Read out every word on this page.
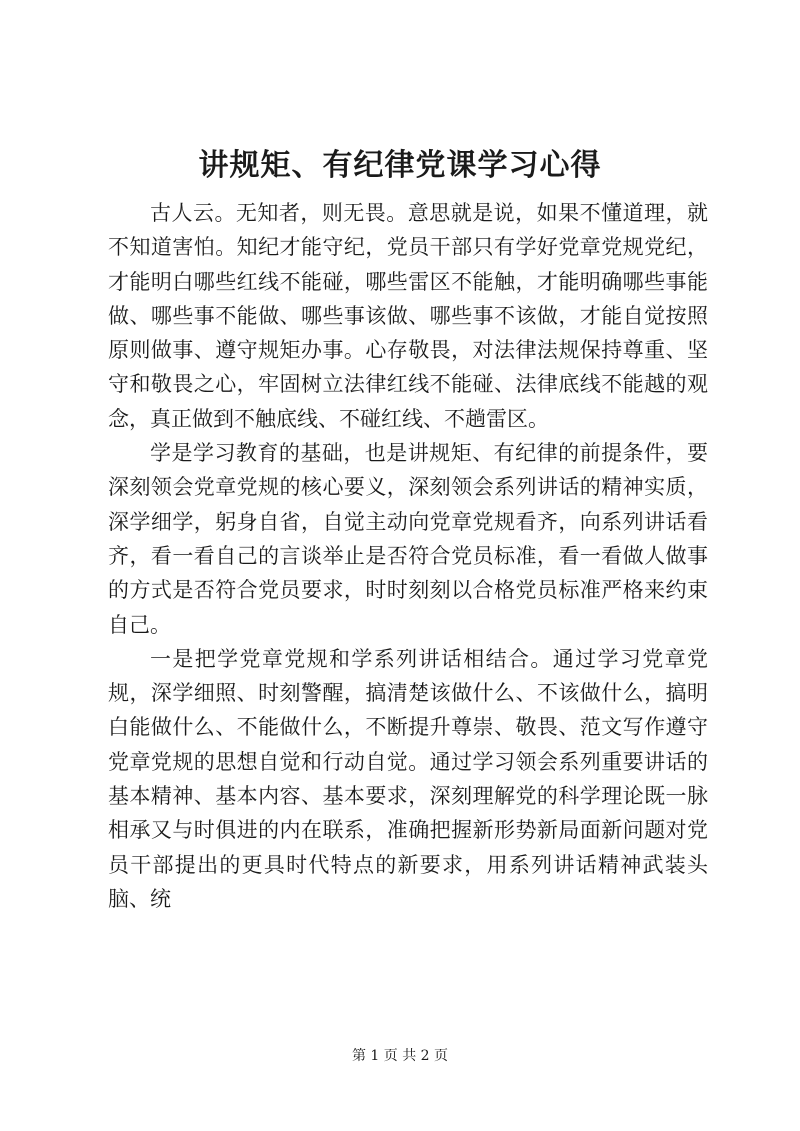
讲规矩、有纪律党课学习心得

古人云。无知者，则无畏。意思就是说，如果不懂道理，就不知道害怕。知纪才能守纪，党员干部只有学好党章党规党纪，才能明白哪些红线不能碰，哪些雷区不能触，才能明确哪些事能做、哪些事不能做、哪些事该做、哪些事不该做，才能自觉按照原则做事、遵守规矩办事。心存敬畏，对法律法规保持尊重、坚守和敬畏之心，牢固树立法律红线不能碰、法律底线不能越的观念，真正做到不触底线、不碰红线、不趟雷区。

学是学习教育的基础，也是讲规矩、有纪律的前提条件，要深刻领会党章党规的核心要义，深刻领会系列讲话的精神实质，深学细学，躬身自省，自觉主动向党章党规看齐，向系列讲话看齐，看一看自己的言谈举止是否符合党员标准，看一看做人做事的方式是否符合党员要求，时时刻刻以合格党员标准严格来约束自己。

一是把学党章党规和学系列讲话相结合。通过学习党章党规，深学细照、时刻警醒，搞清楚该做什么、不该做什么，搞明白能做什么、不能做什么，不断提升尊崇、敬畏、范文写作遵守党章党规的思想自觉和行动自觉。通过学习领会系列重要讲话的基本精神、基本内容、基本要求，深刻理解党的科学理论既一脉相承又与时俱进的内在联系，准确把握新形势新局面新问题对党员干部提出的更具时代特点的新要求，用系列讲话精神武装头脑、统

第 1 页 共 2 页
